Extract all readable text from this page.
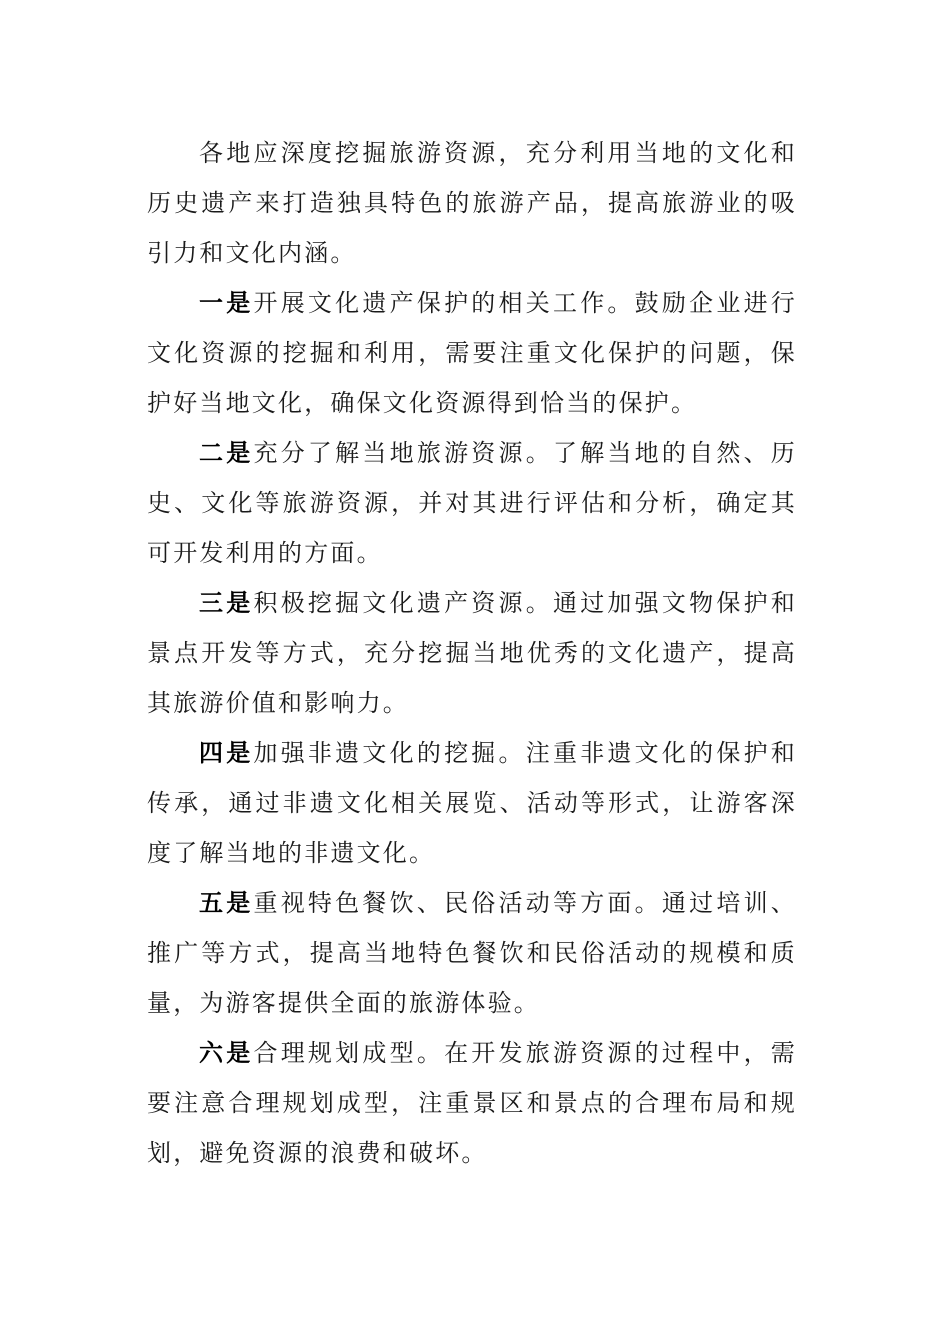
各地应深度挖掘旅游资源，充分利用当地的文化和历史遗产来打造独具特色的旅游产品，提高旅游业的吸引力和文化内涵。

一是开展文化遗产保护的相关工作。鼓励企业进行文化资源的挖掘和利用，需要注重文化保护的问题，保护好当地文化，确保文化资源得到恰当的保护。

二是充分了解当地旅游资源。了解当地的自然、历史、文化等旅游资源，并对其进行评估和分析，确定其可开发利用的方面。

三是积极挖掘文化遗产资源。通过加强文物保护和景点开发等方式，充分挖掘当地优秀的文化遗产，提高其旅游价值和影响力。

四是加强非遗文化的挖掘。注重非遗文化的保护和传承，通过非遗文化相关展览、活动等形式，让游客深度了解当地的非遗文化。

五是重视特色餐饮、民俗活动等方面。通过培训、推广等方式，提高当地特色餐饮和民俗活动的规模和质量，为游客提供全面的旅游体验。

六是合理规划成型。在开发旅游资源的过程中，需要注意合理规划成型，注重景区和景点的合理布局和规划，避免资源的浪费和破坏。
